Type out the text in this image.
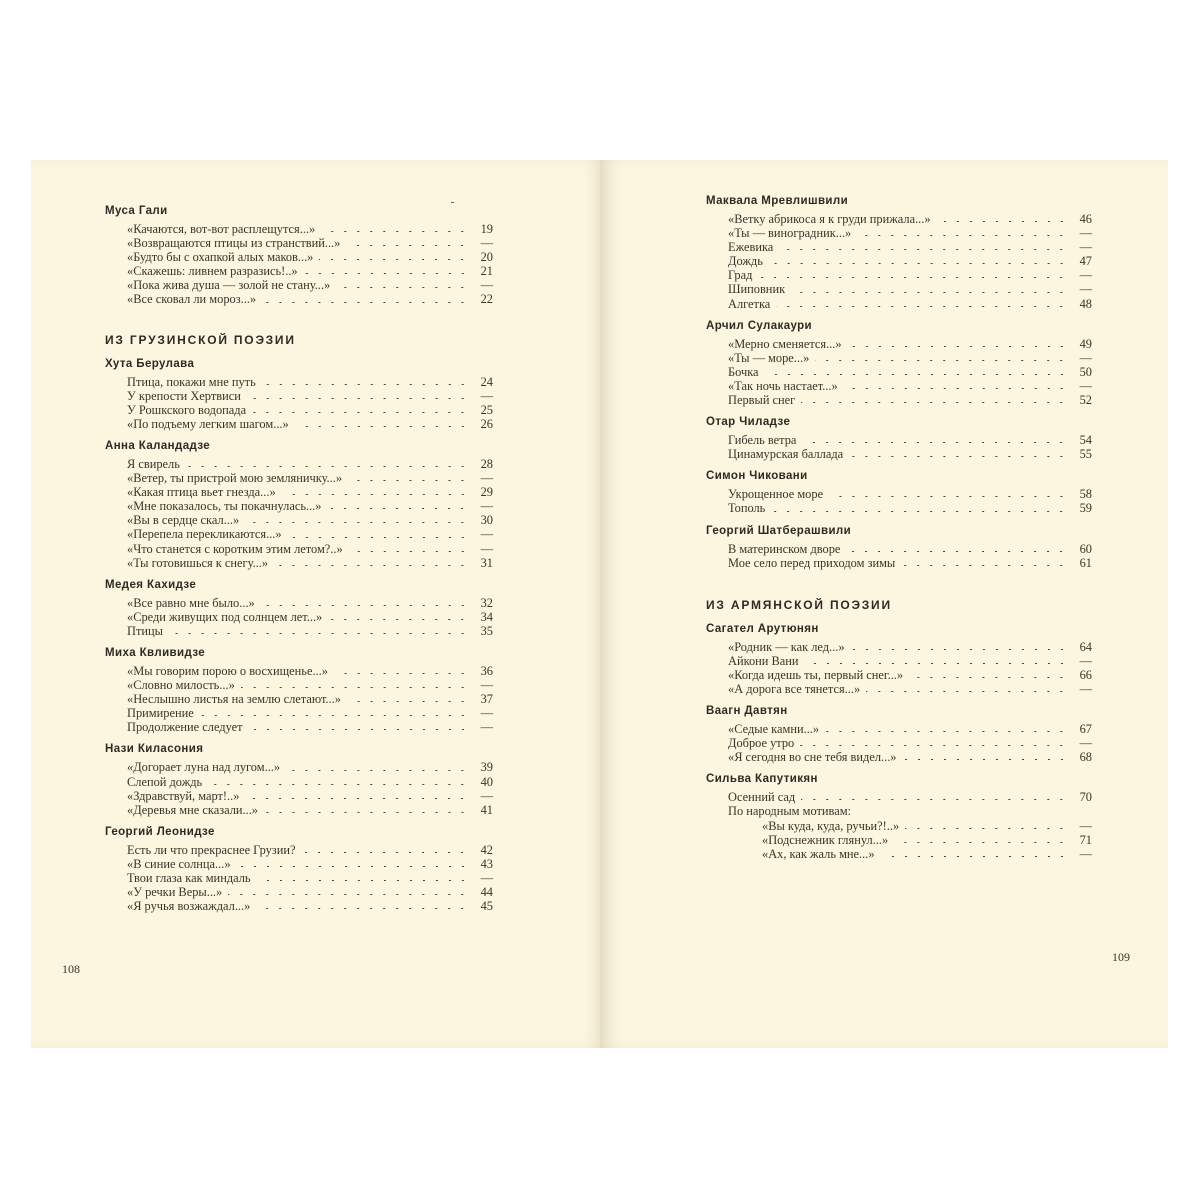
Муса Гали
«Качаются, вот-вот расплещутся...»	19
«Возвращаются птицы из странствий...»	—
«Будто бы с охапкой алых маков...»	20
«Скажешь: ливнем разразись!..»	21
«Пока жива душа — золой не стану...»	—
«Все сковал ли мороз...»	22
ИЗ ГРУЗИНСКОЙ ПОЭЗИИ
Хута Берулава
Птица, покажи мне путь	24
У крепости Хертвиси	—
У Рошкского водопада	25
«По подъему легким шагом...»	26
Анна Каландадзе
Я свирель	28
«Ветер, ты пристрой мою земляничку...»	—
«Какая птица вьет гнезда...»	29
«Мне показалось, ты покачнулась...»	—
«Вы в сердце скал...»	30
«Перепела перекликаются...»	—
«Что станется с коротким этим летом?..»	—
«Ты готовишься к снегу...»	31
Медея Кахидзе
«Все равно мне было...»	32
«Среди живущих под солнцем лет...»	34
Птицы	35
Миха Квливидзе
«Мы говорим порою о восхищенье...»	36
«Словно милость...»	—
«Неслышно листья на землю слетают...»	37
Примирение	—
Продолжение следует	—
Нази Киласония
«Догорает луна над лугом...»	39
Слепой дождь	40
«Здравствуй, март!..»	—
«Деревья мне сказали...»	41
Георгий Леонидзе
Есть ли что прекраснее Грузии?	42
«В синие солнца...»	43
Твои глаза как миндаль	—
«У речки Веры...»	44
«Я ручья возжаждал...»	45
108
Маквала Мревлишвили
«Ветку абрикоса я к груди прижала...»	46
«Ты — виноградник...»	—
Ежевика	—
Дождь	47
Град	—
Шиповник	—
Алгетка	48
Арчил Сулакаури
«Мерно сменяется...»	49
«Ты — море...»	—
Бочка	50
«Так ночь настает...»	—
Первый снег	52
Отар Чиладзе
Гибель ветра	54
Цинамурская баллада	55
Симон Чиковани
Укрощенное море	58
Тополь	59
Георгий Шатберашвили
В материнском дворе	60
Мое село перед приходом зимы	61
ИЗ АРМЯНСКОЙ ПОЭЗИИ
Сагател Арутюнян
«Родник — как лед...»	64
Айкони Вани	—
«Когда идешь ты, первый снег...»	66
«А дорога все тянется...»	—
Ваагн Давтян
«Седые камни...»	67
Доброе утро	—
«Я сегодня во сне тебя видел...»	68
Сильва Капутикян
Осенний сад	70
По народным мотивам:
«Вы куда, куда, ручьи?!..»	—
«Подснежник глянул...»	71
«Ах, как жаль мне...»	—
109
